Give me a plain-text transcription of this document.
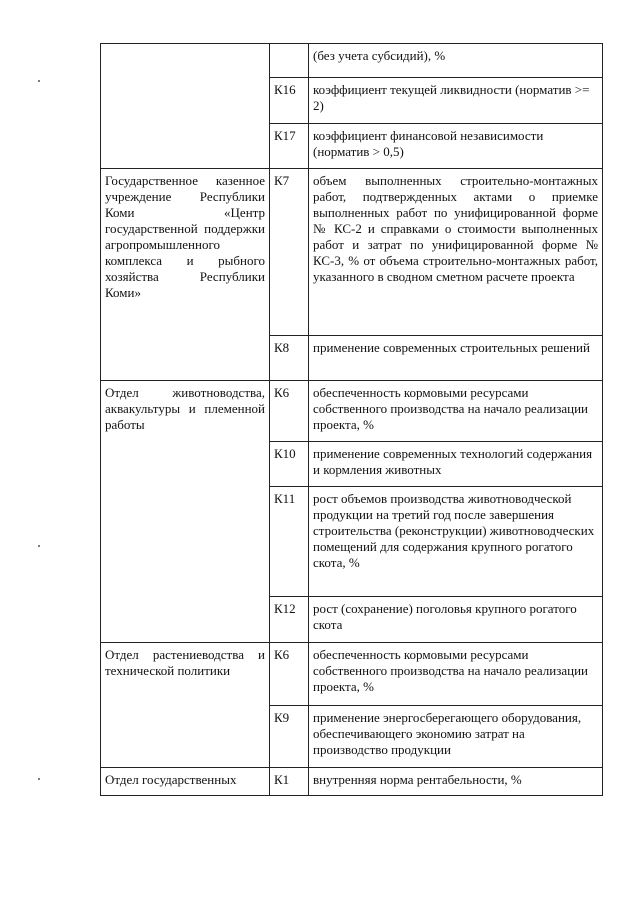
		(без учета субсидий), %
	К16	коэффициент текущей ликвидности (норматив >= 2)
	К17	коэффициент финансовой независимости (норматив > 0,5)
Государственное казенное учреждение Республики Коми «Центр государственной поддержки агропромышленного комплекса и рыбного хозяйства Республики Коми»	К7	объем выполненных строительно-монтажных работ, подтвержденных актами о приемке выполненных работ по унифицированной форме № КС-2 и справками о стоимости выполненных работ и затрат по унифицированной форме № КС-3, % от объема строительно-монтажных работ, указанного в сводном сметном расчете проекта
	К8	применение современных строительных решений
Отдел животноводства, аквакультуры и племенной работы	К6	обеспеченность кормовыми ресурсами собственного производства на начало реализации проекта, %
	К10	применение современных технологий содержания и кормления животных
	К11	рост объемов производства животноводческой продукции на третий год после завершения строительства (реконструкции) животноводческих помещений для содержания крупного рогатого скота, %
	К12	рост (сохранение) поголовья крупного рогатого скота
Отдел растениеводства и технической политики	К6	обеспеченность кормовыми ресурсами собственного производства на начало реализации проекта, %
	К9	применение энергосберегающего оборудования, обеспечивающего экономию затрат на производство продукции
Отдел государственных	К1	внутренняя норма рентабельности, %
